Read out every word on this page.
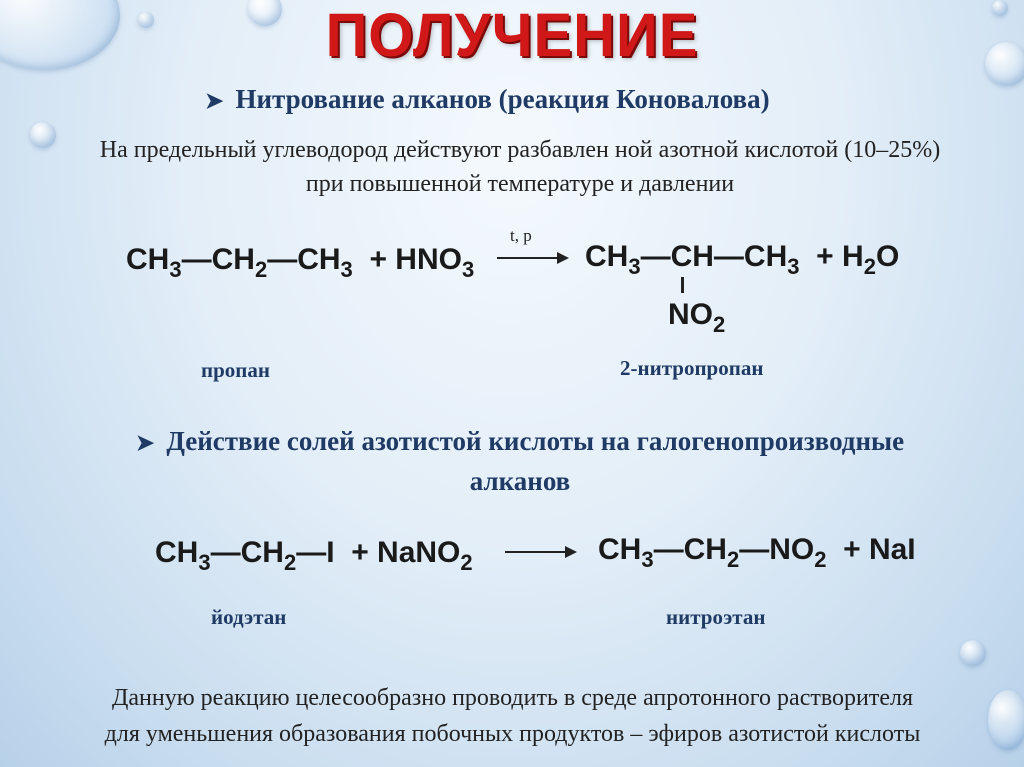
ПОЛУЧЕНИЕ
➤ Нитрование алканов (реакция Коновалова)
На предельный углеводород действуют разбавлен ной азотной кислотой (10–25%)
при повышенной температуре и давлении
$CH_3—CH_2—CH_3 + HNO_3$
t, p
$CH_3—CH—CH_3 + H_2O$
$NO_2$
пропан	2-нитропропан
➤ Действие солей азотистой кислоты на галогенопроизводные
алканов
$CH_3—CH_2—I$  + NaNO$_2$	$CH_3—CH_2—NO_2$  + NaI
йодэтан	нитроэтан
Данную реакцию целесообразно проводить в среде апротонного растворителя
для уменьшения образования побочных продуктов – эфиров азотистой кислоты
